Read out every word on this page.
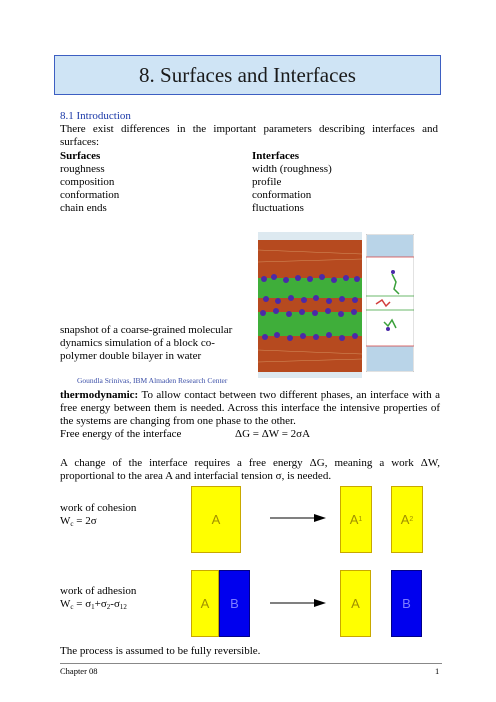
8. Surfaces and Interfaces
8.1 Introduction
There exist differences in the important parameters describing interfaces and surfaces:
Surfaces	Interfaces
roughness	width (roughness)
composition	profile
conformation	conformation
chain ends	fluctuations
snapshot of a coarse-grained molecular
dynamics simulation of a block co-
polymer double bilayer in water
Goundla Srinivas, IBM Almaden Research Center
thermodynamic: To allow contact between two different phases, an interface with a free energy between them is needed. Across this interface the intensive properties of the systems are changing from one phase to the other.
Free energy of the interface	ΔG = ΔW = 2σA
A change of the interface requires a free energy ΔG, meaning a work ΔW, proportional to the area A and interfacial tension σ, is needed.
work of cohesion
$W_c = 2\sigma$	A	A 1	A 2
work of adhesion
$W_c = \sigma_1+\sigma_2-\sigma_{12}$	A B	A	B
The process is assumed to be fully reversible.
Chapter 08	1
